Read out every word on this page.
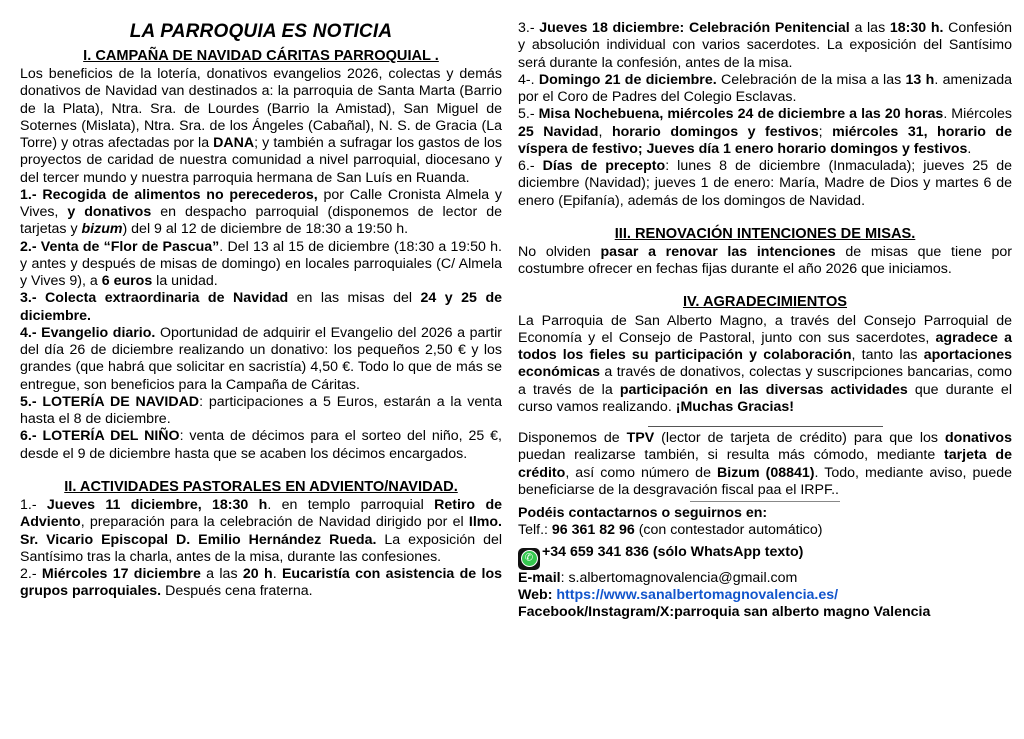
LA PARROQUIA ES NOTICIA
I. CAMPAÑA DE NAVIDAD CÁRITAS PARROQUIAL .
Los beneficios de la lotería, donativos evangelios 2026, colectas y demás donativos de Navidad van destinados a: la parroquia de Santa Marta (Barrio de la Plata), Ntra. Sra. de Lourdes (Barrio la Amistad), San Miguel de Soternes (Mislata), Ntra. Sra. de los Ángeles (Cabañal), N. S. de Gracia (La Torre) y otras afectadas por la DANA; y también a sufragar los gastos de los proyectos de caridad de nuestra comunidad a nivel parroquial, diocesano y del tercer mundo y nuestra parroquia hermana de San Luís en Ruanda.
1.- Recogida de alimentos no perecederos, por Calle Cronista Almela y Vives, y donativos en despacho parroquial (disponemos de lector de tarjetas y bizum) del 9 al 12 de diciembre de 18:30 a 19:50 h.
2.- Venta de “Flor de Pascua”. Del 13 al 15 de diciembre (18:30 a 19:50 h. y antes y después de misas de domingo) en locales parroquiales (C/ Almela y Vives 9), a 6 euros la unidad.
3.- Colecta extraordinaria de Navidad en las misas del 24 y 25 de diciembre.
4.- Evangelio diario. Oportunidad de adquirir el Evangelio del 2026 a partir del día 26 de diciembre realizando un donativo: los pequeños 2,50 € y los grandes (que habrá que solicitar en sacristía) 4,50 €. Todo lo que de más se entregue, son beneficios para la Campaña de Cáritas.
5.- LOTERÍA DE NAVIDAD: participaciones a 5 Euros, estarán a la venta hasta el 8 de diciembre.
6.- LOTERÍA DEL NIÑO: venta de décimos para el sorteo del niño, 25 €, desde el 9 de diciembre hasta que se acaben los décimos encargados.
II. ACTIVIDADES PASTORALES EN ADVIENTO/NAVIDAD.
1.- Jueves 11 diciembre, 18:30 h. en templo parroquial Retiro de Adviento, preparación para la celebración de Navidad dirigido por el Ilmo. Sr. Vicario Episcopal D. Emilio Hernández Rueda. La exposición del Santísimo tras la charla, antes de la misa, durante las confesiones.
2.- Miércoles 17 diciembre a las 20 h. Eucaristía con asistencia de los grupos parroquiales. Después cena fraterna.
3.- Jueves 18 diciembre: Celebración Penitencial a las 18:30 h. Confesión y absolución individual con varios sacerdotes. La exposición del Santísimo será durante la confesión, antes de la misa.
4-. Domingo 21 de diciembre. Celebración de la misa a las 13 h. amenizada por el Coro de Padres del Colegio Esclavas.
5.- Misa Nochebuena, miércoles 24 de diciembre a las 20 horas. Miércoles 25 Navidad, horario domingos y festivos; miércoles 31, horario de víspera de festivo; Jueves día 1 enero horario domingos y festivos.
6.- Días de precepto: lunes 8 de diciembre (Inmaculada); jueves 25 de diciembre (Navidad); jueves 1 de enero: María, Madre de Dios y martes 6 de enero (Epifanía), además de los domingos de Navidad.
III. RENOVACIÓN INTENCIONES DE MISAS.
No olviden pasar a renovar las intenciones de misas que tiene por costumbre ofrecer en fechas fijas durante el año 2026 que iniciamos.
IV. AGRADECIMIENTOS
La Parroquia de San Alberto Magno, a través del Consejo Parroquial de Economía y el Consejo de Pastoral, junto con sus sacerdotes, agradece a todos los fieles su participación y colaboración, tanto las aportaciones económicas a través de donativos, colectas y suscripciones bancarias, como a través de la participación en las diversas actividades que durante el curso vamos realizando. ¡Muchas Gracias!
Disponemos de TPV (lector de tarjeta de crédito) para que los donativos puedan realizarse también, si resulta más cómodo, mediante tarjeta de crédito, así como número de Bizum (08841). Todo, mediante aviso, puede beneficiarse de la desgravación fiscal paa el IRPF..
Podéis contactarnos o seguirnos en:
Telf.: 96 361 82 96 (con contestador automático)
✆ +34 659 341 836 (sólo WhatsApp texto)
E-mail: s.albertomagnovalencia@gmail.com
Web: https://www.sanalbertomagnovalencia.es/
Facebook/Instagram/X:parroquia san alberto magno Valencia
